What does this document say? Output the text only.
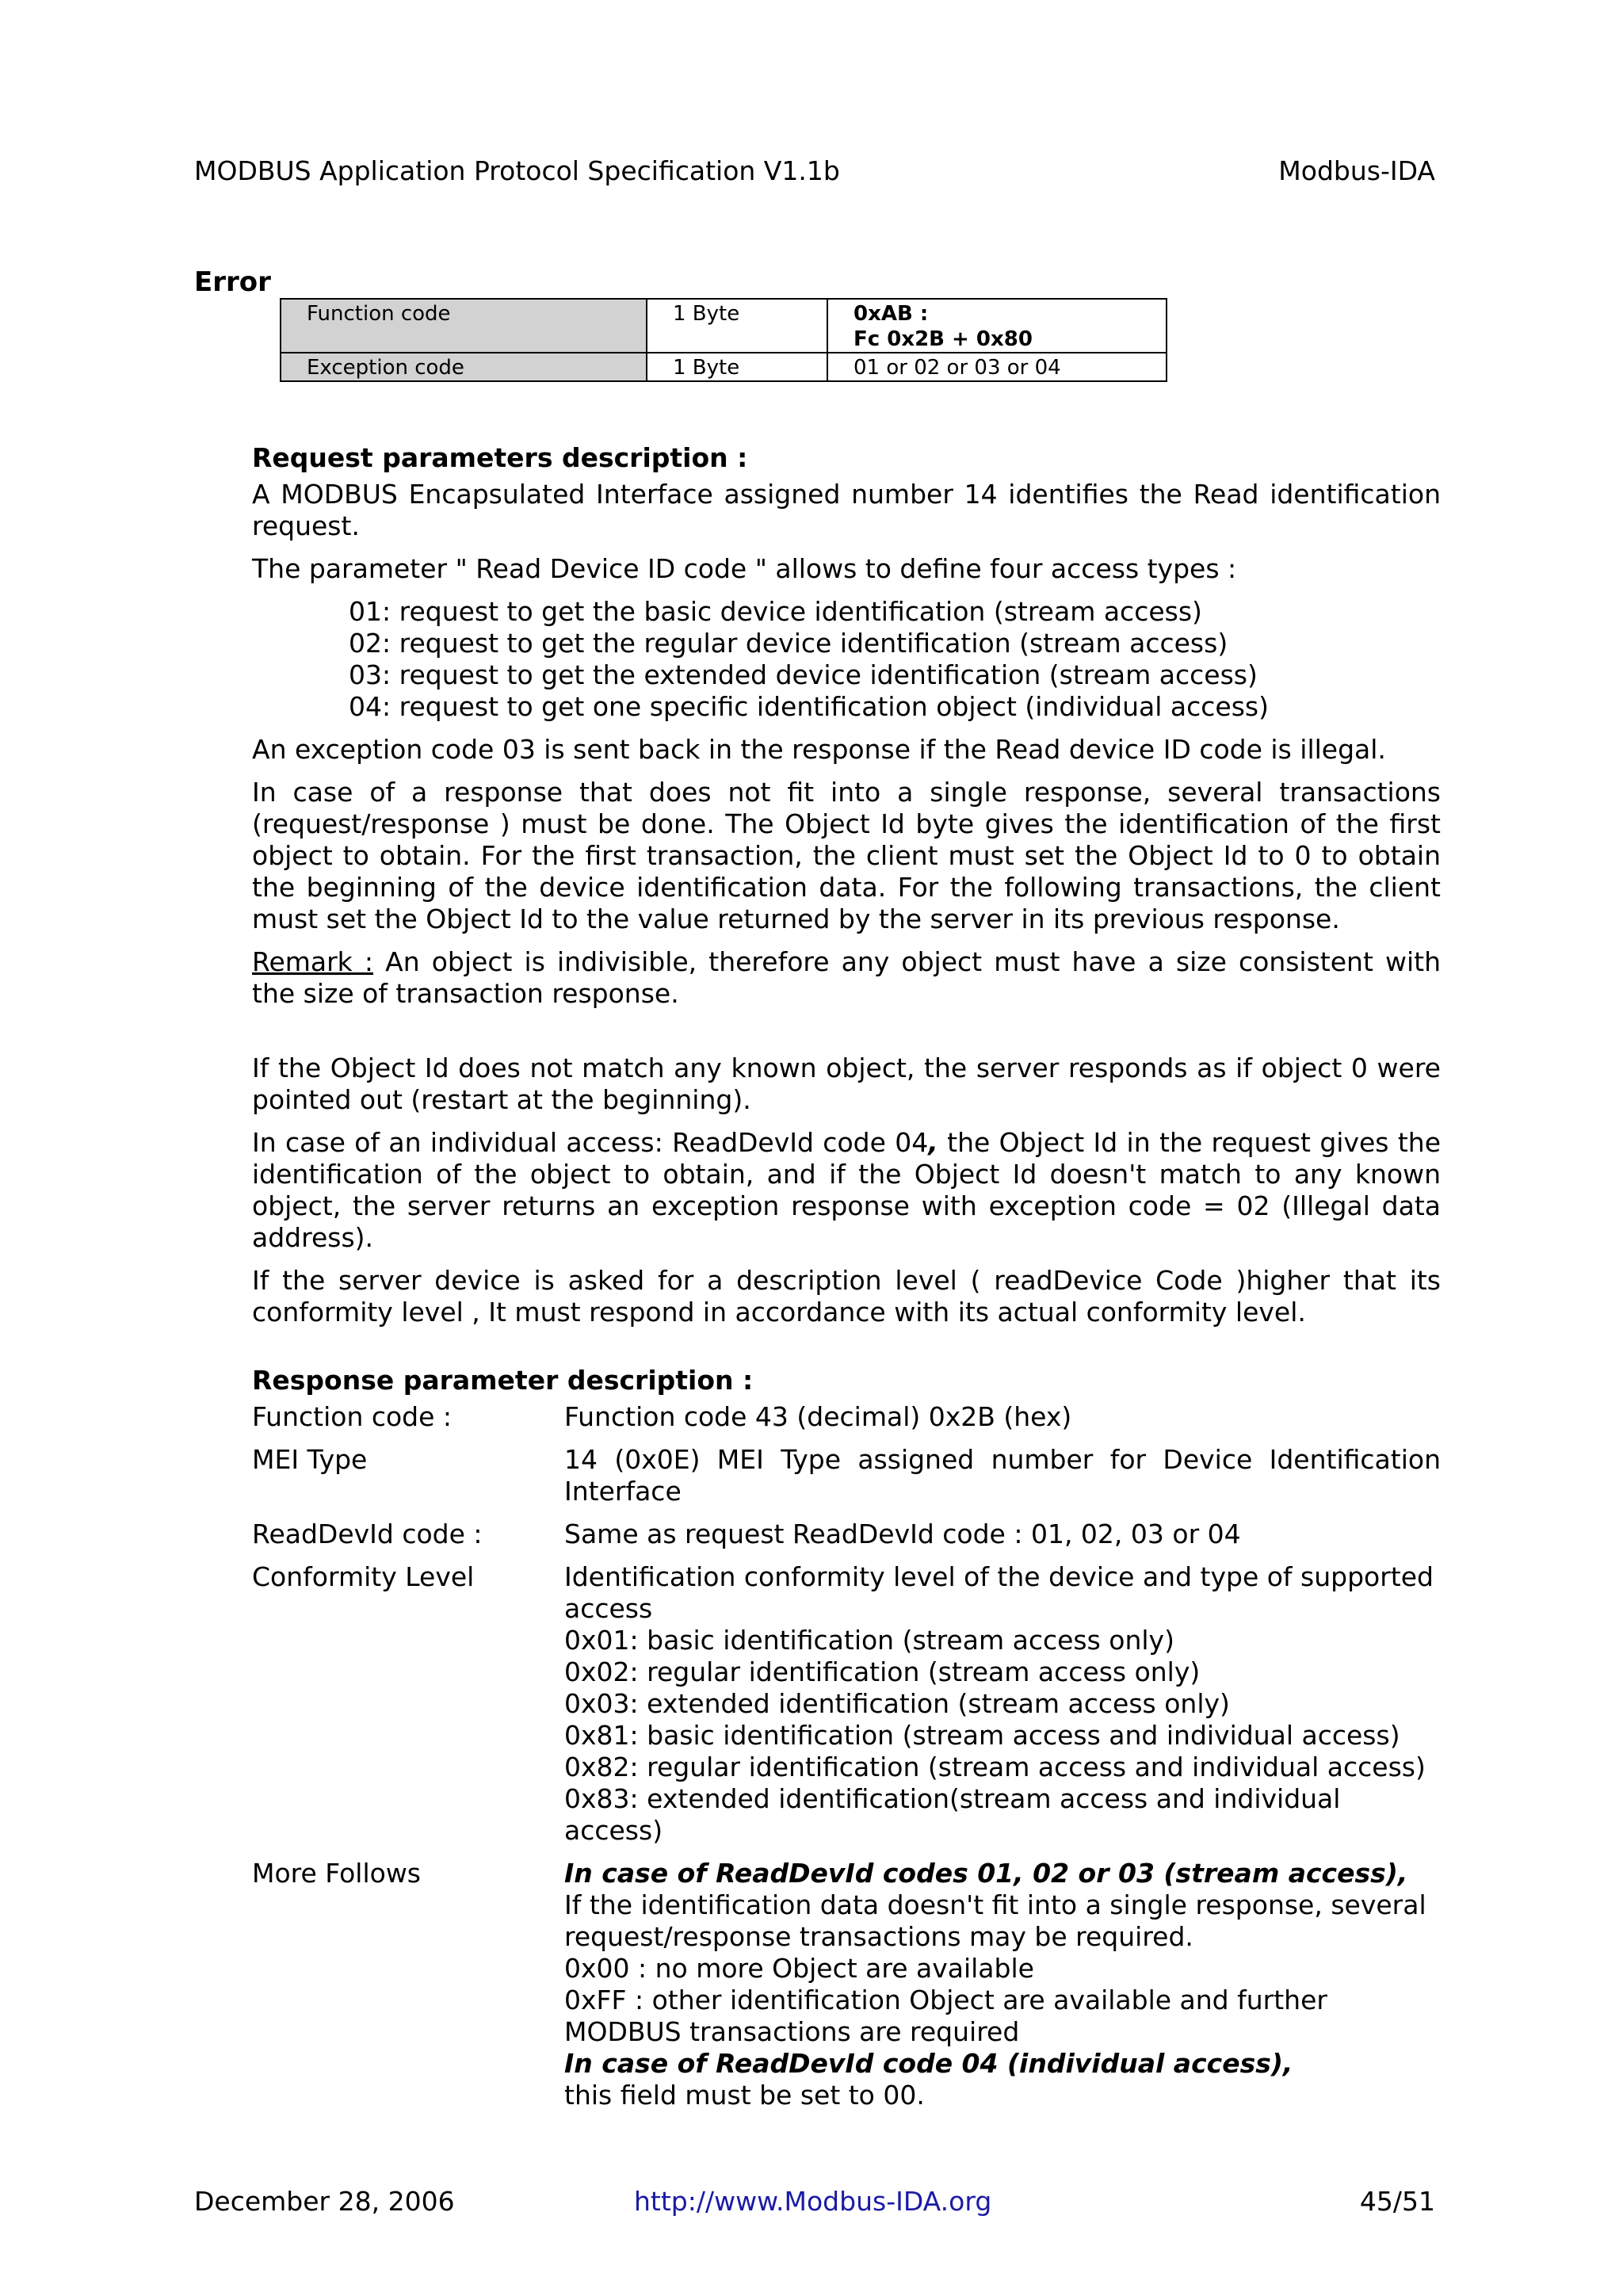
MODBUS Application Protocol Specification V1.1b	Modbus-IDA
Error
Function code	1 Byte	0xAB :
Fc 0x2B + 0x80

Exception code	1 Byte	01 or 02 or 03 or 04
Request parameters description :
A MODBUS Encapsulated Interface assigned number 14 identifies the Read identification request.
The parameter " Read Device ID code " allows to define four access types :
01: request to get the basic device identification (stream access)
02: request to get the regular device identification (stream access)
03: request to get the extended device identification (stream access)
04: request to get one specific identification object (individual access)
An exception code 03 is sent back in the response if the Read device ID code is illegal.
In case of a response that does not fit into a single response, several transactions (request/response ) must be done. The Object Id byte gives the identification of the first object to obtain. For the first transaction, the client must set the Object Id to 0 to obtain the beginning of the device identification data. For the following transactions, the client must set the Object Id to the value returned by the server in its previous response.
Remark : An object is indivisible, therefore any object must have a size consistent with the size of transaction response.
If the Object Id does not match any known object, the server responds as if object 0 were pointed out (restart at the beginning).
In case of an individual access: ReadDevId code 04, the Object Id in the request gives the identification of the object to obtain, and if the Object Id doesn't match to any known object, the server returns an exception response with exception code = 02 (Illegal data address).
If the server device is asked for a description level ( readDevice Code )higher that its conformity level , It must respond in accordance with its actual conformity level.
Response parameter description :
Function code :	Function code 43 (decimal) 0x2B (hex)
MEI Type	14 (0x0E) MEI Type assigned number for Device Identification Interface
ReadDevId code :	Same as request ReadDevId code : 01, 02, 03 or 04
Conformity Level	Identification conformity level of the device and type of supported
access
0x01: basic identification (stream access only)
0x02: regular identification (stream access only)
0x03: extended identification (stream access only)
0x81: basic identification (stream access and individual access)
0x82: regular identification (stream access and individual access)
0x83: extended identification(stream access and individual
access)
More Follows	In case of ReadDevId codes 01, 02 or 03 (stream access),
If the identification data doesn't fit into a single response, several
request/response transactions may be required.
0x00 : no more Object are available
0xFF : other identification Object are available and further
MODBUS transactions are required
In case of ReadDevId code 04 (individual access),
this field must be set to 00.
December 28, 2006	http://www.Modbus-IDA.org	45/51
